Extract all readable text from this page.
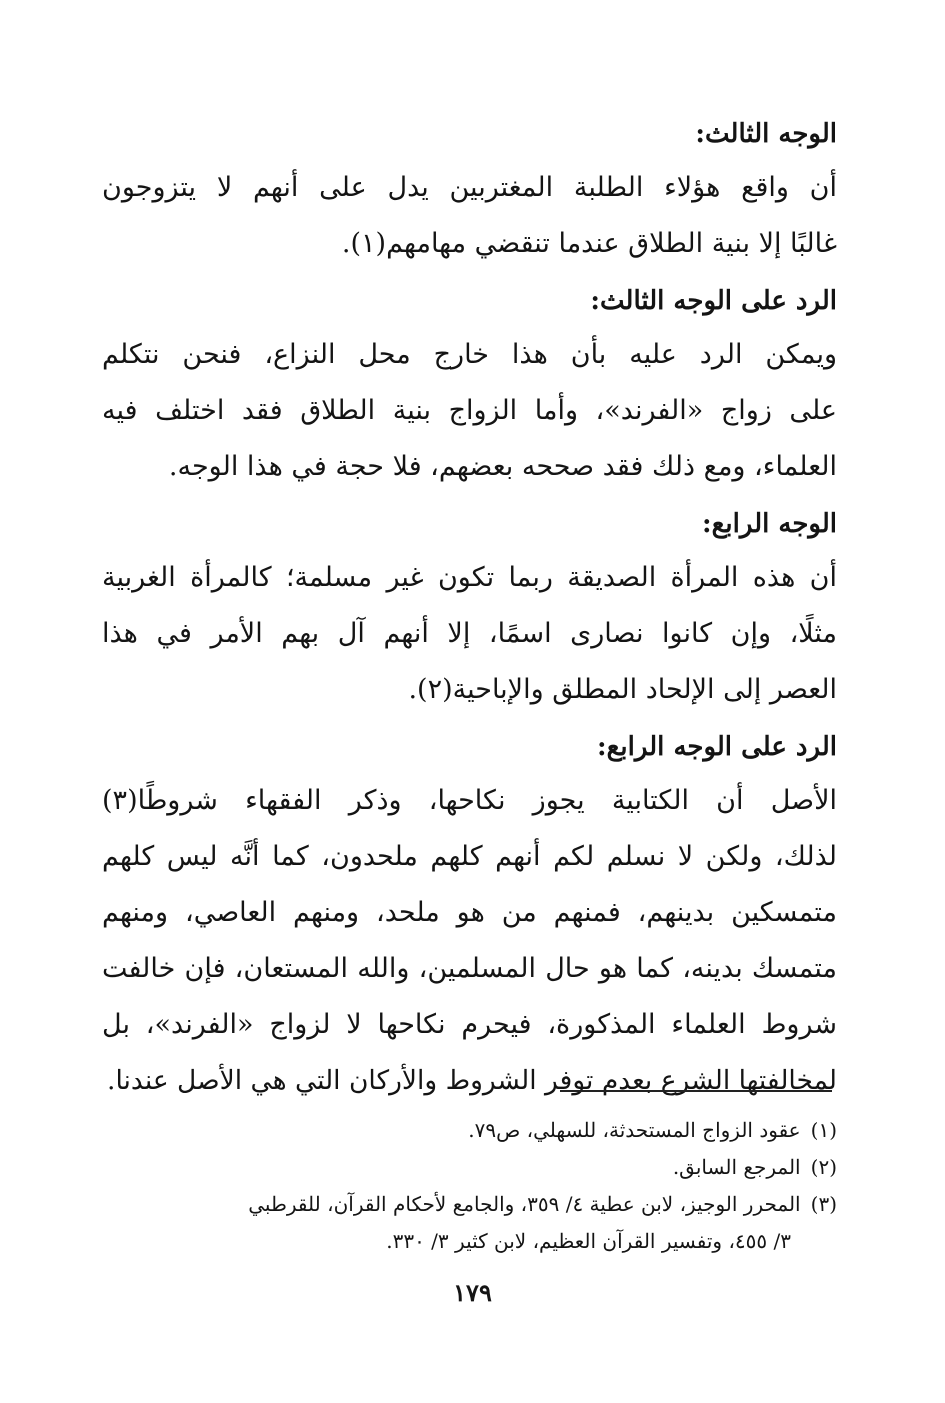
الوجه الثالث:

أن واقع هؤلاء الطلبة المغتربين يدل على أنهم لا يتزوجون
غالبًا إلا بنية الطلاق عندما تنقضي مهامهم(١).

الرد على الوجه الثالث:

ويمكن الرد عليه بأن هذا خارج محل النزاع، فنحن نتكلم
على زواج «الفرند»، وأما الزواج بنية الطلاق فقد اختلف فيه
العلماء، ومع ذلك فقد صححه بعضهم، فلا حجة في هذا الوجه.

الوجه الرابع:

أن هذه المرأة الصديقة ربما تكون غير مسلمة؛ كالمرأة الغربية
مثلًا، وإن كانوا نصارى اسمًا، إلا أنهم آل بهم الأمر في هذا
العصر إلى الإلحاد المطلق والإباحية(٢).

الرد على الوجه الرابع:

الأصل أن الكتابية يجوز نكاحها، وذكر الفقهاء شروطًا(٣)
لذلك، ولكن لا نسلم لكم أنهم كلهم ملحدون، كما أنَّه ليس كلهم
متمسكين بدينهم، فمنهم من هو ملحد، ومنهم العاصي، ومنهم
متمسك بدينه، كما هو حال المسلمين، والله المستعان، فإن خالفت
شروط العلماء المذكورة، فيحرم نكاحها لا لزواج «الفرند»، بل
لمخالفتها الشرع بعدم توفر الشروط والأركان التي هي الأصل عندنا.

(١)عقود الزواج المستحدثة، للسهلي، ص٧٩.
(٢)المرجع السابق.
(٣)المحرر الوجيز، لابن عطية ٤/ ٣٥٩، والجامع لأحكام القرآن، للقرطبي
٣/ ٤٥٥، وتفسير القرآن العظيم، لابن كثير ٣/ ٣٣٠.
١٧٩
